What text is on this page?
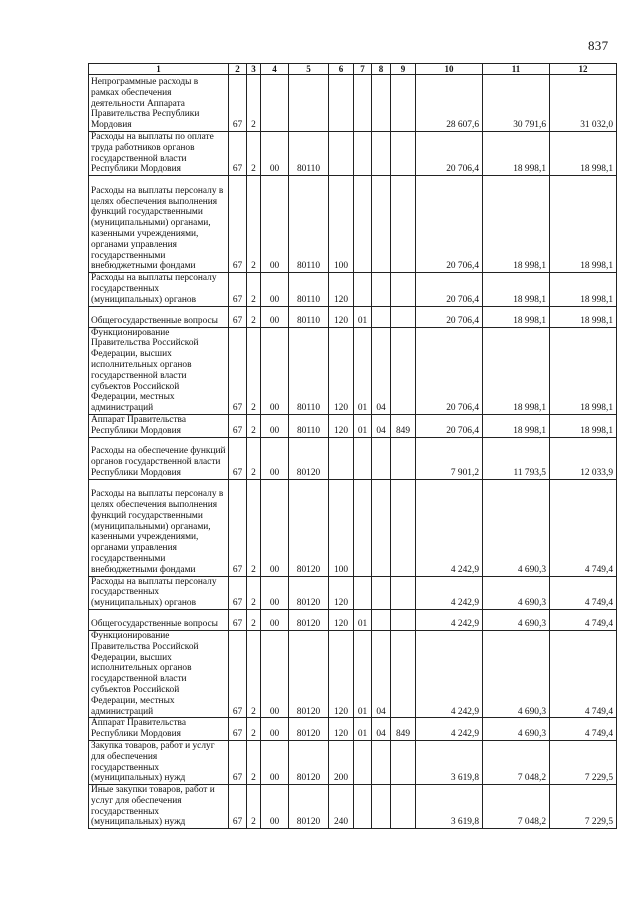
837
1	2	3	4	5	6	7	8	9	10	11	12
Непрограммные расходы в рамках обеспечения деятельности Аппарата Правительства Республики Мордовия	67	2							28 607,6	30 791,6	31 032,0
Расходы на выплаты по оплате труда работников органов государственной власти Республики Мордовия	67	2	00	80110					20 706,4	18 998,1	18 998,1
Расходы на выплаты персоналу в целях обеспечения выполнения функций государственными (муниципальными) органами, казенными учреждениями, органами управления государственными внебюджетными фондами	67	2	00	80110	100				20 706,4	18 998,1	18 998,1
Расходы на выплаты персоналу государственных (муниципальных) органов	67	2	00	80110	120				20 706,4	18 998,1	18 998,1
Общегосударственные вопросы	67	2	00	80110	120	01			20 706,4	18 998,1	18 998,1
Функционирование Правительства Российской Федерации, высших исполнительных органов государственной власти субъектов Российской Федерации, местных администраций	67	2	00	80110	120	01	04		20 706,4	18 998,1	18 998,1
Аппарат Правительства Республики Мордовия	67	2	00	80110	120	01	04	849	20 706,4	18 998,1	18 998,1
Расходы на обеспечение функций органов государственной власти Республики Мордовия	67	2	00	80120					7 901,2	11 793,5	12 033,9
Расходы на выплаты персоналу в целях обеспечения выполнения функций государственными (муниципальными) органами, казенными учреждениями, органами управления государственными внебюджетными фондами	67	2	00	80120	100				4 242,9	4 690,3	4 749,4
Расходы на выплаты персоналу государственных (муниципальных) органов	67	2	00	80120	120				4 242,9	4 690,3	4 749,4
Общегосударственные вопросы	67	2	00	80120	120	01			4 242,9	4 690,3	4 749,4
Функционирование Правительства Российской Федерации, высших исполнительных органов государственной власти субъектов Российской Федерации, местных администраций	67	2	00	80120	120	01	04		4 242,9	4 690,3	4 749,4
Аппарат Правительства Республики Мордовия	67	2	00	80120	120	01	04	849	4 242,9	4 690,3	4 749,4
Закупка товаров, работ и услуг для обеспечения государственных (муниципальных) нужд	67	2	00	80120	200				3 619,8	7 048,2	7 229,5
Иные закупки товаров, работ и услуг для обеспечения государственных (муниципальных) нужд	67	2	00	80120	240				3 619,8	7 048,2	7 229,5
